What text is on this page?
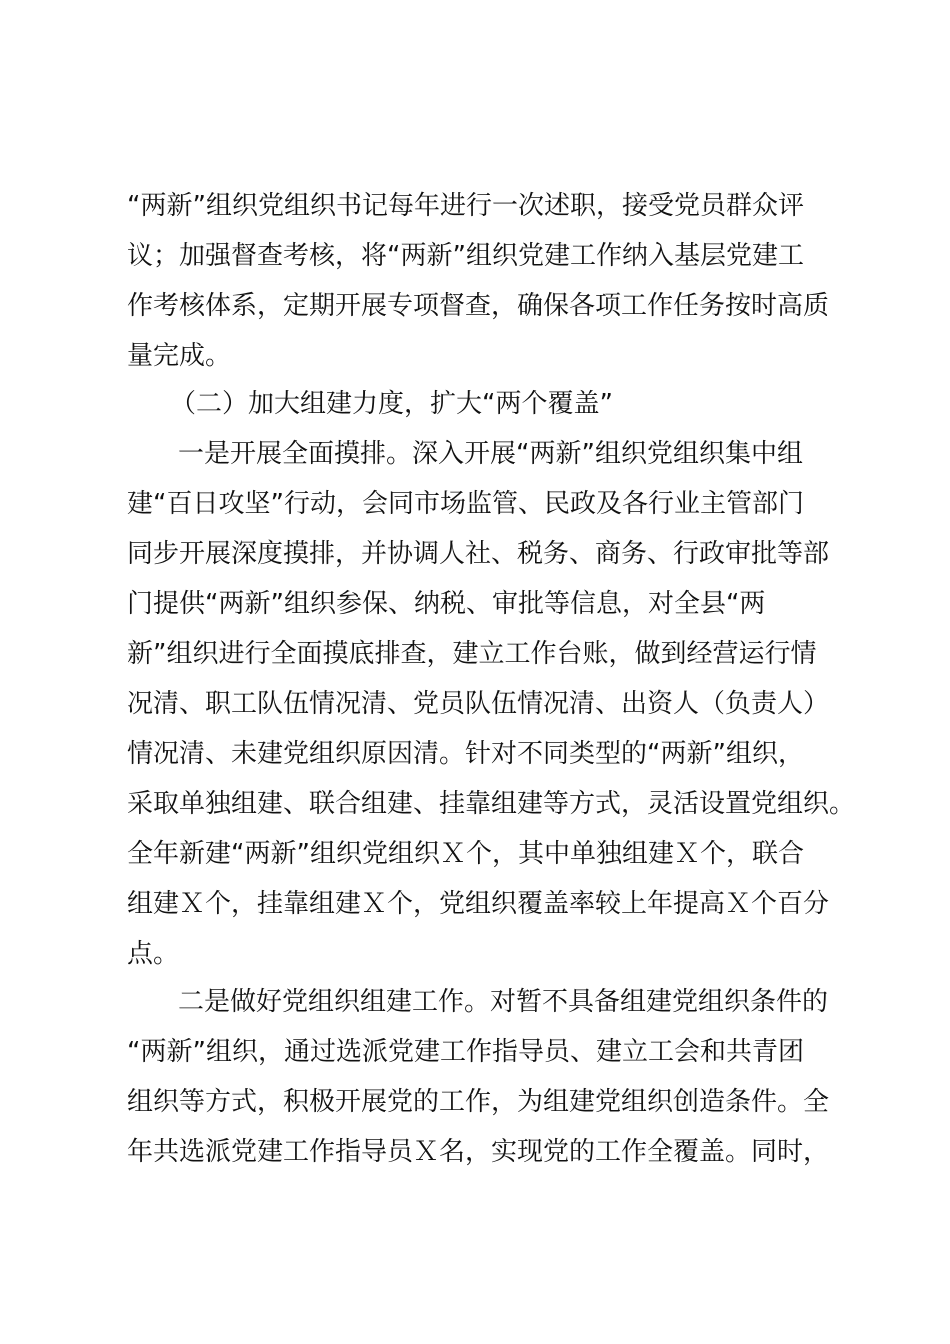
“两新”组织党组织书记每年进行一次述职，接受党员群众评
议；加强督查考核，将“两新”组织党建工作纳入基层党建工
作考核体系，定期开展专项督查，确保各项工作任务按时高质
量完成。
（二）加大组建力度，扩大“两个覆盖”
一是开展全面摸排。深入开展“两新”组织党组织集中组
建“百日攻坚”行动，会同市场监管、民政及各行业主管部门
同步开展深度摸排，并协调人社、税务、商务、行政审批等部
门提供“两新”组织参保、纳税、审批等信息，对全县“两
新”组织进行全面摸底排查，建立工作台账，做到经营运行情
况清、职工队伍情况清、党员队伍情况清、出资人（负责人）
情况清、未建党组织原因清。针对不同类型的“两新”组织，
采取单独组建、联合组建、挂靠组建等方式，灵活设置党组织。
全年新建“两新”组织党组织Ｘ个，其中单独组建Ｘ个，联合
组建Ｘ个，挂靠组建Ｘ个，党组织覆盖率较上年提高Ｘ个百分
点。
二是做好党组织组建工作。对暂不具备组建党组织条件的
“两新”组织，通过选派党建工作指导员、建立工会和共青团
组织等方式，积极开展党的工作，为组建党组织创造条件。全
年共选派党建工作指导员Ｘ名，实现党的工作全覆盖。同时，
